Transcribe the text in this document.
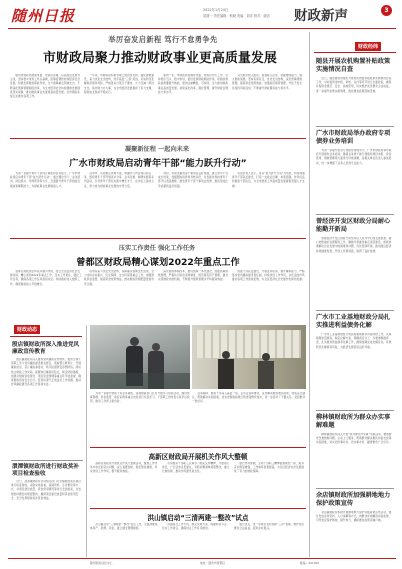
随州日报	2022年1月24日
星期一 责任编辑：熊晓 美编：刘洋 校对：谢忠 财政新声	3
举厉奋发启新程 笃行不怠勇争先
市财政局聚力推动财政事业更高质量发展
　　随州市财政局按照市委、市政府部署，以高质量发展为主线，坚持稳中求进工作总基调，统筹疫情防控和经济社会发展，积极发挥财政职能作用，全力保障重点领域支出，不断深化预算管理制度改革，为全市经济社会持续健康发展提供坚实保障，推动财政事业实现更高质量发展。全市财政系统扎实推进各项工作。
　　一年来，市财政局积极争取上级资金支持，强化财源建设，着力优化支出结构，兜牢基层“三保”底线，切实防范化解政府债务风险，严格落实过紧日子要求，大力压减一般性支出，集中财力办大事，为全市经济发展提供了有力支撑，财政收支保持平稳运行。
　　新的一年，市财政局将围绕市委、市政府中心工作，坚持稳字当头、稳中求进，更好发挥财政职能作用，积极的财政政策要提升效能，更加注重精准、可持续，全力推动财政事业高质量发展，持续深化改革，强化管理，提升财政治理能力和水平。
　　突出抓好收入组织，加强收入征管，挖掘增收潜力，做大财政蛋糕；坚持有保有压，优化支出结构；深化预算绩效管理，提高资金使用效益；加强政府债务管理，守住不发生系统性风险底线；不断提升财政服务能力和水平。
财政经纬
随县开展农机购置补贴政策实施情况自查
　　近日，随县财政局组织开展农机购置补贴政策实施情况自查工作，对补贴资金申报、审核、兑付等环节进行全面检查，确保补贴资金规范、安全、高效使用，切实维护农民群众合法权益，进一步提升政策实施效果，推动惠农政策落地见效。
广水市财政局举办政府专项债券业务培训
　　为进一步提升政府专项债券管理水平，广水市财政局举办政府专项债券业务培训，邀请业务骨干就专项债券项目申报、资金使用、绩效管理等方面进行详细讲解，各相关单位负责人参加培训，进一步增强了业务人员的专业能力。
曾经济开发区财政分局耐心能勤开新局
　　曾都经济开发区财政分局坚持以人民为中心的发展思想，耐心细致做好各项服务工作，勤勉尽责推进重点项目建设，积极协调解决企业发展中的困难和问题，优化营商环境，推动园区经济持续健康发展，开创工作新局面，取得了良好成效。
广水市工业基地财政分局扎实推进利益债务化解
　　广水市工业基地财政分局高度重视债务风险防控工作，认真梳理存量债务，制定化解方案，明确责任分工，多渠道筹措资金，扎实推进利益债务化解工作，确保按期完成化解任务，有效防范化解债务风险，为经济发展营造良好环境。
柳林镇财政所为群众办实事解难题
　　柳林镇财政所深入开展“我为群众办实事”实践活动，聚焦群众急难愁盼问题，主动上门服务，帮助群众解决惠民补贴发放等实际困难，切实把好事办实、把实事办好，赢得群众广泛好评。
余店镇财政所加强耕地地力保护政策宣传
　　余店镇财政所积极开展耕地地力保护补贴政策宣传活动，通过发放宣传资料、入户讲解等方式，向群众详细解读补贴政策，引导农民保护耕地、提升地力，确保惠农政策家喻户晓。
凝聚新征程 一起向未来
广水市财政局启动青年干部“能力跃升行动”
　　为进一步提升青年干部综合素质和业务能力，广水市财政局启动青年干部“能力跃升行动”，通过理论学习、业务培训、岗位练兵、导师帮带等方式，全面提升青年干部的政治素质和履职能力，为财政事业发展储备人才。
　　活动中，该局制定详细方案，明确学习内容和目标任务，组织青年干部开展读书分享、业务竞赛、调研实践等系列活动，引导青年干部在实践中增长才干，在岗位上建功立业，努力成为财政事业发展的中坚力量。
　　同时，该局注重营造干事创业良好氛围，建立青年干部成长档案，加强跟踪培养和考核评价，对表现优秀的青年干部予以表扬激励，激发青年干部干事创业热情，推动形成比学赶超的良好局面。
　　该局负责人表示，将以“能力跃升行动”为契机，持续加强青年干部队伍建设，打造一支政治过硬、本领高强、作风优良的财政干部队伍，为全市财政工作高质量发展提供坚强人才支撑。
压实工作责任 强化工作任务
曾都区财政局精心谋划2022年重点工作
　　曾都区财政局坚持以问题为导向，结合全区经济社会发展实际，精心谋划2022年重点工作，压实工作责任，强化工作任务，确保各项工作任务落到实处。持续做好收入组织工作，确保财政收入平稳增长。
　　该局将着力优化支出结构，保障重点领域支出需求，全力支持乡村振兴、民生保障、生态环保等重点工作，加强财政资金监管，提高资金使用效益，推动财政资源配置更加科学合理。
　　深化财政体制改革，推进预算一体化建设，加强预算绩效管理，严格执行政府采购制度，规范国有资产管理，健全完善财政内控机制，不断提升财政管理水平和服务效能。
　　加强干部队伍建设，开展业务培训，提升履职能力，严格落实党风廉政建设责任制，持续改进工作作风，以优良的作风推动各项工作落地见效，为全区经济社会发展作出新的贡献。
财政动态
殷店镇财政所深入推进党风廉政宣传教育
　　殷店镇财政所深入推进党风廉政宣传教育，组织全体干部职工学习党风廉政建设相关规定，观看警示教育片，开展廉政谈话，签订廉政承诺书，筑牢拒腐防变思想防线。同时结合财政工作实际，梳理岗位廉政风险点，制定防控措施，加强对财政资金拨付、项目资金管理等重点环节的监督，确保财政资金安全运行，营造风清气正的良好工作氛围，推动党风廉政建设各项工作落到实处。
澴潭镇财政所进行财政奖补项目检查验收
　　近日，澴潭镇财政所会同相关部门对全镇财政奖补项目进行检查验收，采取实地查看、查阅资料、走访群众等方式，对项目建设质量、资金使用情况等进行全面检查，对发现的问题及时督促整改，确保项目建设质量和资金使用安全，充分发挥财政奖补资金效益。
　　为进一步提升财政干部业务素质，各地财政部门扎实开展学习培训活动，围绕预算管理、资金监管、政府采购等重点内容进行系统学习，干部职工纷纷表示将学以致用，推动工作再上新台阶。
　　活动期间，财政干部深入基层一线，走访企业和群众，宣传解读财政惠民政策，收集意见建议，帮助解决实际困难，切实把财政政策红利送到群众身边，进一步密切了干群关系，受到群众一致好评。
高新区财政局开展机关作风大整顿
　　高新区财政局开展机关作风大整顿活动，聚焦工作作风中存在的突出问题，深入查摆剖析，制定整改措施，切实改进工作作风，提升服务效能。
　　该局组织干部职工认真学习相关文件精神，开展谈心谈话，广泛征求意见建议，对照问题清单逐项整改，建立长效机制，推动作风建设常态化。
　　通过作风整顿，全局干部职工精神面貌焕然一新，服务意识明显增强，工作效率显著提高，为全区经济社会发展提供了有力的财政保障。
洪山镇启动“三清两建一整改”试点
　　洪山镇启动“三清两建一整改”试点工作，全面清理集体资产、资源、资金，建立健全管理制度。
　　该镇成立工作专班，制定实施方案，明确时间节点，压实工作责任，确保试点工作有序推进。
　　通过试点，进一步规范农村集体“三资”管理，维护农民群众合法权益，促进乡村振兴。
随州财政信息中心	地址：随州市曾都区	邮编：441300
